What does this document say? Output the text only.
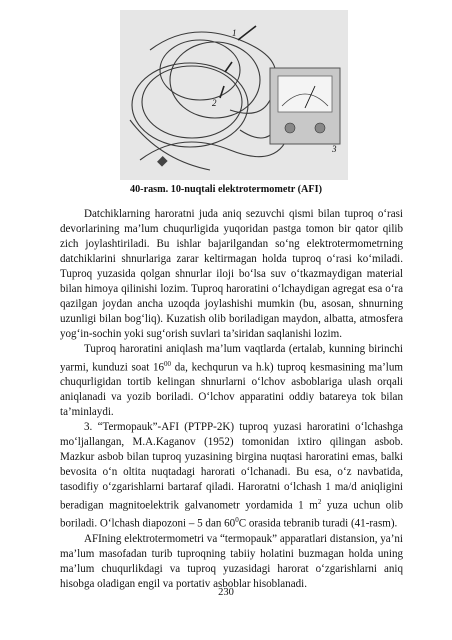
1
2
3
40-rasm. 10-nuqtali elektrotermometr (AFI)

Datchiklarning haroratni juda aniq sezuvchi qismi bilan tuproq o‘rasi devorlarining ma’lum chuqurligida yuqoridan pastga tomon bir qator qilib zich joylashtiriladi. Bu ishlar bajarilgandan so‘ng elektrotermometrning datchiklarini shnurlariga zarar keltirmagan holda tuproq o‘rasi ko‘miladi. Tuproq yuzasida qolgan shnurlar iloji bo‘lsa suv o‘tkazmaydigan material bilan himoya qilinishi lozim. Tuproq haroratini o‘lchaydigan agregat esa o‘ra qazilgan joydan ancha uzoqda joylashishi mumkin (bu, asosan, shnurning uzunligi bilan bog‘liq). Kuzatish olib boriladigan maydon, albatta, atmosfera yog‘in-sochin yoki sug‘orish suvlari ta’siridan saqlanishi lozim.

Tuproq haroratini aniqlash ma’lum vaqtlarda (ertalab, kunning birinchi yarmi, kunduzi soat $16^{00}$ da, kechqurun va h.k) tuproq kesmasining ma’lum chuqurligidan tortib kelingan shnurlarni o‘lchov asboblariga ulash orqali aniqlanadi va yozib boriladi. O‘lchov apparatini oddiy batareya tok bilan ta’minlaydi.

3. “Termopauk”-AFI (PTPP-2K) tuproq yuzasi haroratini o‘lchashga mo‘ljallangan, M.A.Kaganov (1952) tomonidan ixtiro qilingan asbob. Mazkur asbob bilan tuproq yuzasining birgina nuqtasi haroratini emas, balki bevosita o‘n oltita nuqtadagi harorati o‘lchanadi. Bu esa, o‘z navbatida, tasodifiy o‘zgarishlarni bartaraf qiladi. Haroratni o‘lchash 1 ma/d aniqligini beradigan magnitoelektrik galvanometr yordamida 1 $m^2$ yuza uchun olib boriladi. O‘lchash diapozoni – 5 dan $60^0C$ orasida tebranib turadi (41-rasm).

AFIning elektrotermometri va “termopauk” apparatlari distansion, ya’ni ma’lum masofadan turib tuproqning tabiiy holatini buzmagan holda uning ma’lum chuqurlikdagi va tuproq yuzasidagi harorat o‘zgarishlarni aniq hisobga oladigan engil va portativ asboblar hisoblanadi.

230
